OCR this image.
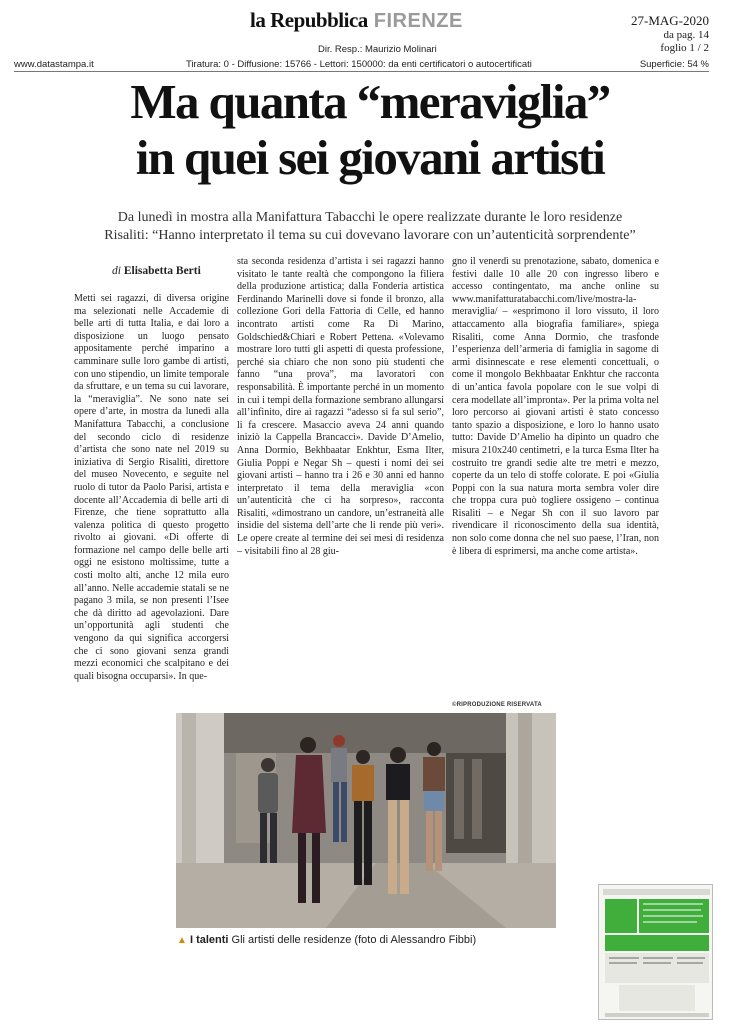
la Repubblica FIRENZE	27-MAG-2020
da pag. 14
foglio 1 / 2
Dir. Resp.: Maurizio Molinari
www.datastampa.it	Tiratura: 0 - Diffusione: 15766 - Lettori: 150000: da enti certificatori o autocertificati	Superficie: 54 %
Ma quanta “meraviglia”
in quei sei giovani artisti
Da lunedì in mostra alla Manifattura Tabacchi le opere realizzate durante le loro residenze
Risaliti: “Hanno interpretato il tema su cui dovevano lavorare con un’autenticità sorprendente”
di Elisabetta Berti

Metti sei ragazzi, di diversa origine ma selezionati nelle Accademie di belle arti di tutta Italia, e dai loro a disposizione un luogo pensato appositamente perché imparino a camminare sulle loro gambe di artisti, con uno stipendio, un limite temporale da sfruttare, e un tema su cui lavorare, la “meraviglia”. Ne sono nate sei opere d’arte, in mostra da lunedì alla Manifattura Tabacchi, a conclusione del secondo ciclo di residenze d’artista che sono nate nel 2019 su iniziativa di Sergio Risaliti, direttore del museo Novecento, e seguite nel ruolo di tutor da Paolo Parisi, artista e docente all’Accademia di belle arti di Firenze, che tiene soprattutto alla valenza politica di questo progetto rivolto ai giovani. «Di offerte di formazione nel campo delle belle arti oggi ne esistono moltissime, tutte a costi molto alti, anche 12 mila euro all’anno. Nelle accademie statali se ne pagano 3 mila, se non presenti l’Isee che dà diritto ad agevolazioni. Dare un’opportunità agli studenti che vengono da qui significa accorgersi che ci sono giovani senza grandi mezzi economici che scalpitano e dei quali bisogna occuparsi». In que-

sta seconda residenza d’artista i sei ragazzi hanno visitato le tante realtà che compongono la filiera della produzione artistica; dalla Fonderia artistica Ferdinando Marinelli dove si fonde il bronzo, alla collezione Gori della Fattoria di Celle, ed hanno incontrato artisti come Ra Di Marino, Goldschied&Chiari e Robert Pettena. «Volevamo mostrare loro tutti gli aspetti di questa professione, perché sia chiaro che non sono più studenti che fanno “una prova”, ma lavoratori con responsabilità. È importante perché in un momento in cui i tempi della formazione sembrano allungarsi all’infinito, dire ai ragazzi “adesso si fa sul serio”, li fa crescere. Masaccio aveva 24 anni quando iniziò la Cappella Brancacci». Davide D’Amelio, Anna Dormio, Bekhbaatar Enkhtur, Esma Ilter, Giulia Poppi e Negar Sh – questi i nomi dei sei giovani artisti – hanno tra i 26 e 30 anni ed hanno interpretato il tema della meraviglia «con un’autenticità che ci ha sorpreso», racconta Risaliti, «dimostrano un candore, un’estraneità alle insidie del sistema dell’arte che li rende più veri». Le opere create al termine dei sei mesi di residenza – visitabili fino al 28 giu-

gno il venerdì su prenotazione, sabato, domenica e festivi dalle 10 alle 20 con ingresso libero e accesso contingentato, ma anche online su www.manifatturatabacchi.com/live/mostra-la-meraviglia/ – «esprimono il loro vissuto, il loro attaccamento alla biografia familiare», spiega Risaliti, come Anna Dormio, che trasfonde l’esperienza dell’armeria di famiglia in sagome di armi disinnescate e rese elementi concettuali, o come il mongolo Bekhbaatar Enkhtur che racconta di un’antica favola popolare con le sue volpi di cera modellate all’impronta». Per la prima volta nel loro percorso ai giovani artisti è stato concesso tanto spazio a disposizione, e loro lo hanno usato tutto: Davide D’Amelio ha dipinto un quadro che misura 210x240 centimetri, e la turca Esma Ilter ha costruito tre grandi sedie alte tre metri e mezzo, coperte da un telo di stoffe colorate. E poi «Giulia Poppi con la sua natura morta sembra voler dire che troppa cura può togliere ossigeno – continua Risaliti – e Negar Sh con il suo lavoro par rivendicare il riconoscimento della sua identità, non solo come donna che nel suo paese, l’Iran, non è libera di esprimersi, ma anche come artista».

©RIPRODUZIONE RISERVATA
▲ I talenti Gli artisti delle residenze (foto di Alessandro Fibbi)
